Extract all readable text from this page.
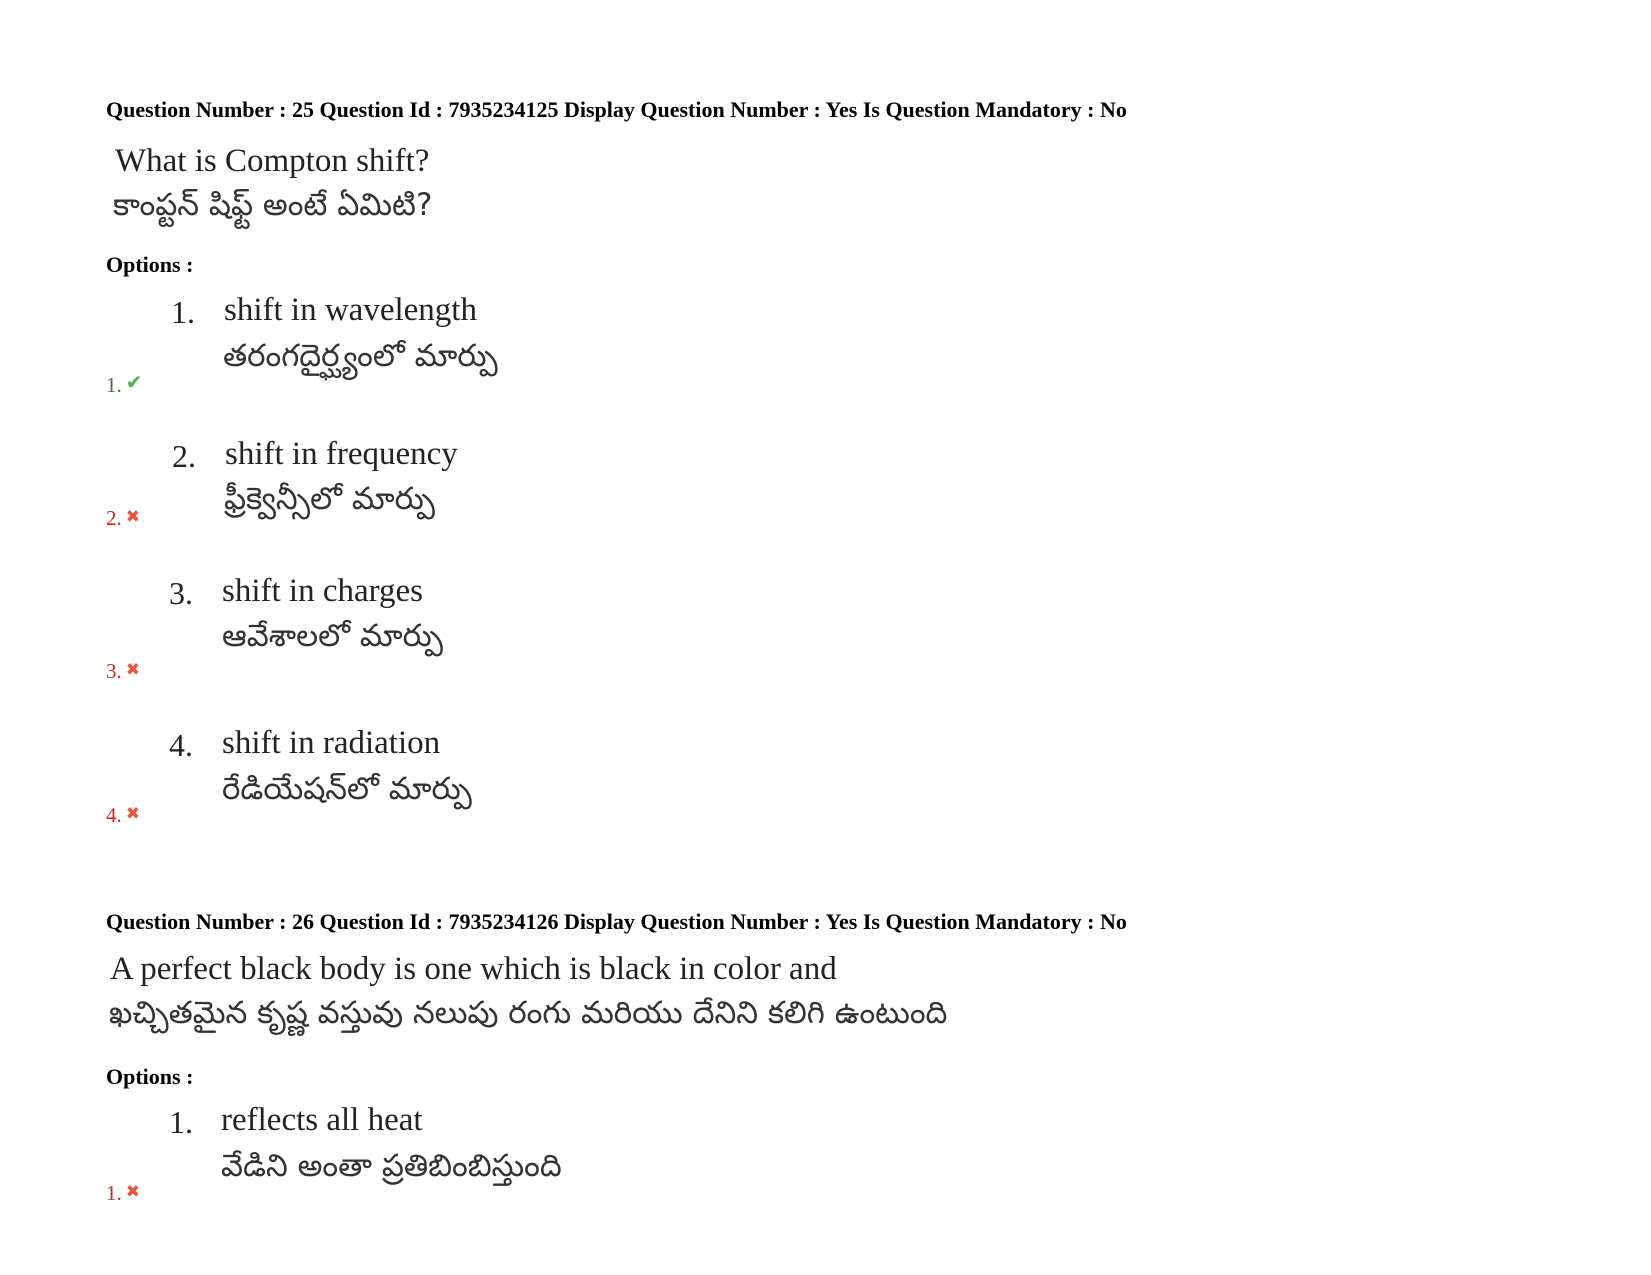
Question Number : 25 Question Id : 7935234125 Display Question Number : Yes Is Question Mandatory : No
What is Compton shift?
కాంప్టన్ షిఫ్ట్ అంటే ఏమిటి?
Options :
1. shift in wavelength
తరంగదైర్ఘ్యంలో మార్పు
1. ✔
2. shift in frequency
ఫ్రీక్వెన్సీలో మార్పు
2. ✖
3. shift in charges
ఆవేశాలలో మార్పు
3. ✖
4. shift in radiation
రేడియేషన్‌లో మార్పు
4. ✖
Question Number : 26 Question Id : 7935234126 Display Question Number : Yes Is Question Mandatory : No
A perfect black body is one which is black in color and
ఖచ్చితమైన కృష్ణ వస్తువు నలుపు రంగు మరియు దేనిని కలిగి ఉంటుంది
Options :
1. reflects all heat
వేడిని అంతా ప్రతిబింబిస్తుంది
1. ✖
